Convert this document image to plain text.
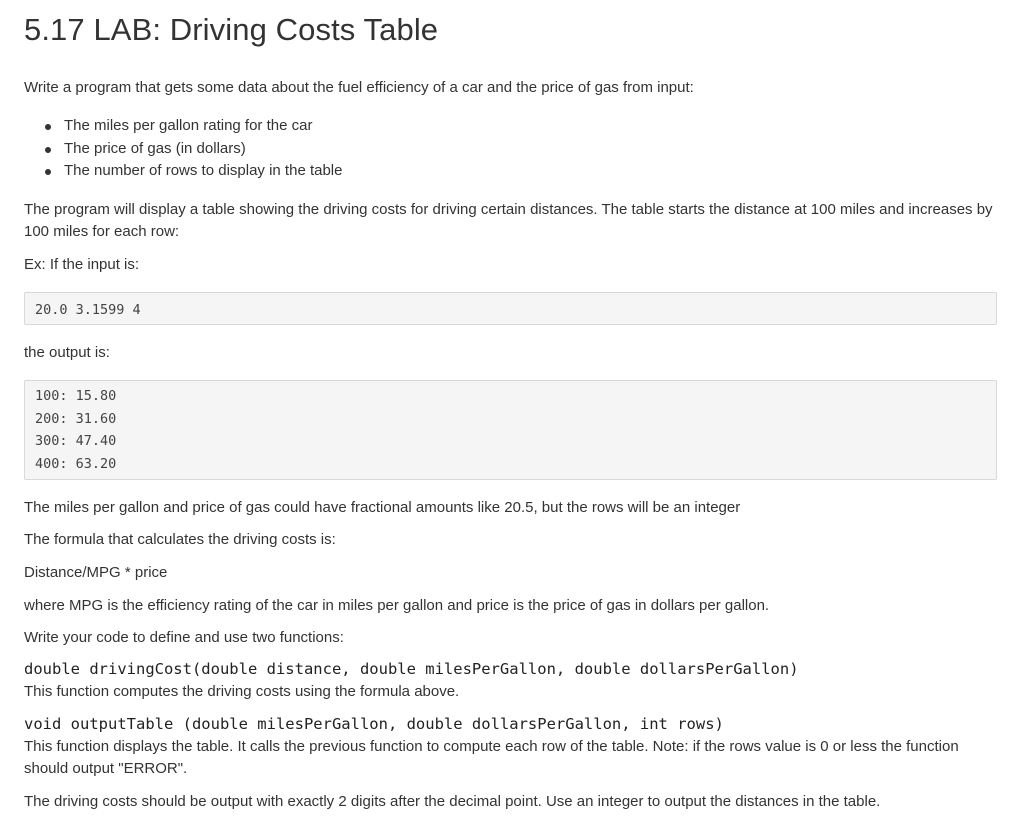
5.17 LAB: Driving Costs Table

Write a program that gets some data about the fuel efficiency of a car and the price of gas from input:

The miles per gallon rating for the car
The price of gas (in dollars)
The number of rows to display in the table

The program will display a table showing the driving costs for driving certain distances. The table starts the distance at 100 miles and increases by 100 miles for each row:

Ex: If the input is:

20.0 3.1599 4

the output is:

100: 15.80
200: 31.60
300: 47.40
400: 63.20

The miles per gallon and price of gas could have fractional amounts like 20.5, but the rows will be an integer

The formula that calculates the driving costs is:

Distance/MPG * price

where MPG is the efficiency rating of the car in miles per gallon and price is the price of gas in dollars per gallon.

Write your code to define and use two functions:

double drivingCost(double distance, double milesPerGallon, double dollarsPerGallon)

This function computes the driving costs using the formula above.

void outputTable (double milesPerGallon, double dollarsPerGallon, int rows)

This function displays the table. It calls the previous function to compute each row of the table. Note: if the rows value is 0 or less the function should output "ERROR".

The driving costs should be output with exactly 2 digits after the decimal point. Use an integer to output the distances in the table.
